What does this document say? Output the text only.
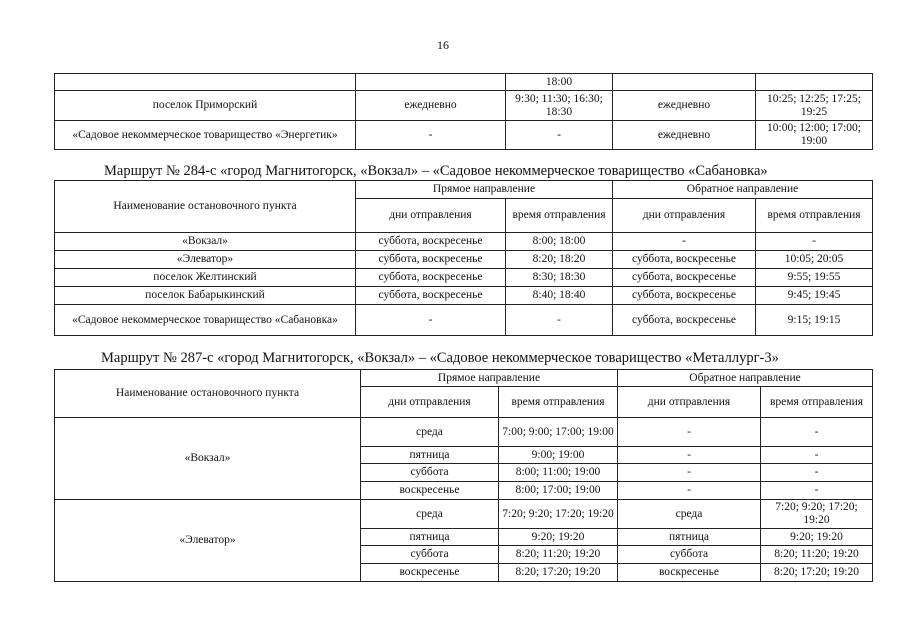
16
		18:00		
поселок Приморский	ежедневно	9:30; 11:30; 16:30; 18:30	ежедневно	10:25; 12:25; 17:25; 19:25
«Садовое некоммерческое товарищество «Энергетик»	-	-	ежедневно	10:00; 12:00; 17:00; 19:00
Маршрут № 284-с «город Магнитогорск, «Вокзал» – «Садовое некоммерческое товарищество «Сабановка»
Наименование остановочного пункта	Прямое направление		Обратное направление	
	дни отправления	время отправления	дни отправления	время отправления
«Вокзал»	суббота, воскресенье	8:00; 18:00	-	-
«Элеватор»	суббота, воскресенье	8:20; 18:20	суббота, воскресенье	10:05; 20:05
поселок Желтинский	суббота, воскресенье	8:30; 18:30	суббота, воскресенье	9:55; 19:55
поселок Бабарыкинский	суббота, воскресенье	8:40; 18:40	суббота, воскресенье	9:45; 19:45
«Садовое некоммерческое товарищество «Сабановка»	-	-	суббота, воскресенье	9:15; 19:15
Маршрут № 287-с «город Магнитогорск, «Вокзал» – «Садовое некоммерческое товарищество «Металлург-3»
Наименование остановочного пункта	Прямое направление		Обратное направление	
	дни отправления	время отправления	дни отправления	время отправления
«Вокзал»	среда	7:00; 9:00; 17:00; 19:00	-	-
	пятница	9:00; 19:00	-	-
	суббота	8:00; 11:00; 19:00	-	-
	воскресенье	8:00; 17:00; 19:00	-	-
«Элеватор»	среда	7:20; 9:20; 17:20; 19:20	среда	7:20; 9:20; 17:20; 19:20
	пятница	9:20; 19:20	пятница	9:20; 19:20
	суббота	8:20; 11:20; 19:20	суббота	8:20; 11:20; 19:20
	воскресенье	8:20; 17:20; 19:20	воскресенье	8:20; 17:20; 19:20
